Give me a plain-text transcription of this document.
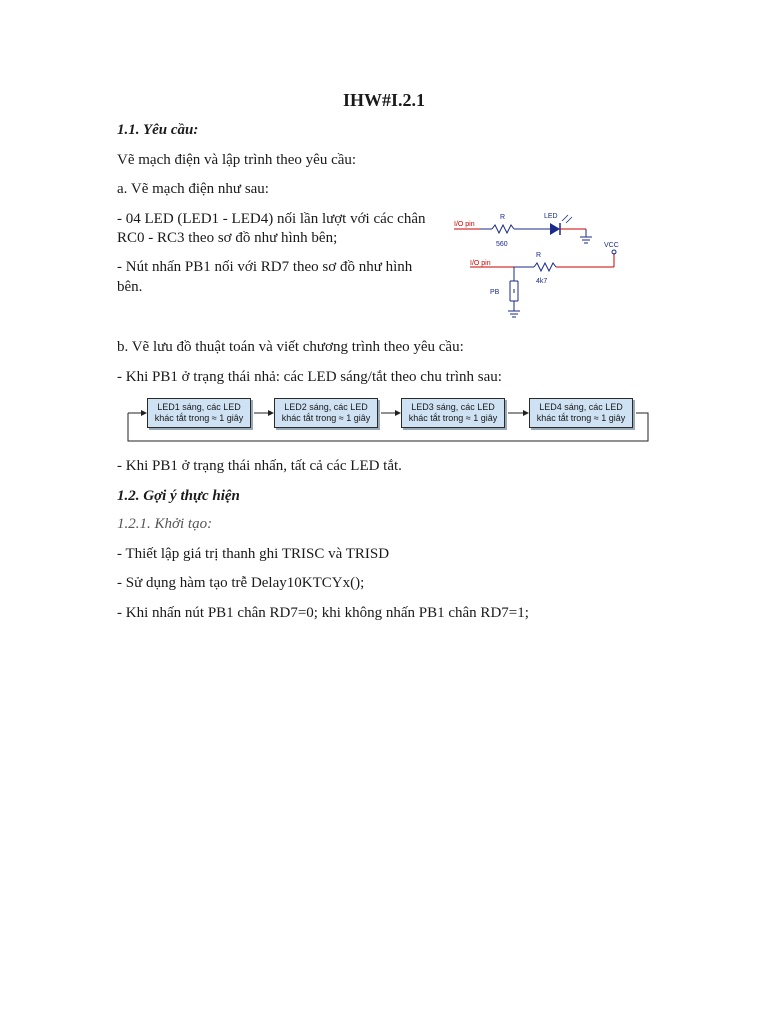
IHW#I.2.1
1.1. Yêu cầu:
Vẽ mạch điện và lập trình theo yêu cầu:
a. Vẽ mạch điện như sau:
- 04 LED (LED1 - LED4) nối lần lượt với các chân
RC0 - RC3 theo sơ đồ như hình bên;
- Nút nhấn PB1 nối với RD7 theo sơ đồ như hình
bên.
I/O pin
R
560
LED
I/O pin
R
4k7
VCC
PB
b. Vẽ lưu đồ thuật toán và viết chương trình theo yêu cầu:
- Khi PB1 ở trạng thái nhả: các LED sáng/tắt theo chu trình sau:
LED1 sáng, các LED
khác tắt trong ≈ 1 giây
LED2 sáng, các LED
khác tắt trong ≈ 1 giây
LED3 sáng, các LED
khác tắt trong ≈ 1 giây
LED4 sáng, các LED
khác tắt trong ≈ 1 giây
- Khi PB1 ở trạng thái nhấn, tất cả các LED tắt.
1.2. Gợi ý thực hiện
1.2.1. Khởi tạo:
- Thiết lập giá trị thanh ghi TRISC và TRISD
- Sử dụng hàm tạo trễ Delay10KTCYx();
- Khi nhấn nút PB1 chân RD7=0; khi không nhấn PB1 chân RD7=1;
